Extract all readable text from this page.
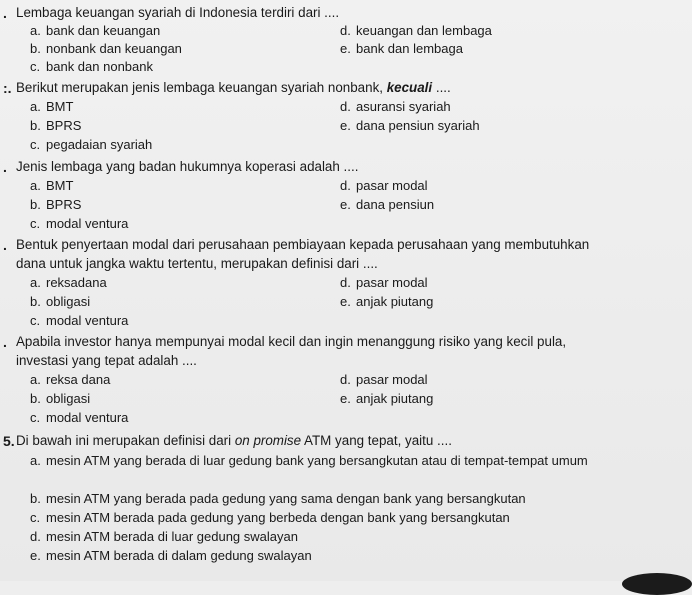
. Lembaga keuangan syariah di Indonesia terdiri dari ....

a. bank dan keuangan	d. keuangan dan lembaga
b. nonbank dan keuangan	e. bank dan lembaga
c. bank dan nonbank
:. Berikut merupakan jenis lembaga keuangan syariah nonbank, kecuali ....

a. BMT	d. asuransi syariah
b. BPRS	e. dana pensiun syariah
c. pegadaian syariah
. Jenis lembaga yang badan hukumnya koperasi adalah ....

a. BMT	d. pasar modal
b. BPRS	e. dana pensiun
c. modal ventura
. Bentuk penyertaan modal dari perusahaan pembiayaan kepada perusahaan yang membutuhkan
dana untuk jangka waktu tertentu, merupakan definisi dari ....

a. reksadana	d. pasar modal
b. obligasi	e. anjak piutang
c. modal ventura
. Apabila investor hanya mempunyai modal kecil dan ingin menanggung risiko yang kecil pula,
investasi yang tepat adalah ....

a. reksa dana	d. pasar modal
b. obligasi	e. anjak piutang
c. modal ventura
5. Di bawah ini merupakan definisi dari on promise ATM yang tepat, yaitu ....

a. mesin ATM yang berada di luar gedung bank yang bersangkutan atau di tempat-tempat umum
b. mesin ATM yang berada pada gedung yang sama dengan bank yang bersangkutan
c. mesin ATM berada pada gedung yang berbeda dengan bank yang bersangkutan
d. mesin ATM berada di luar gedung swalayan
e. mesin ATM berada di dalam gedung swalayan
